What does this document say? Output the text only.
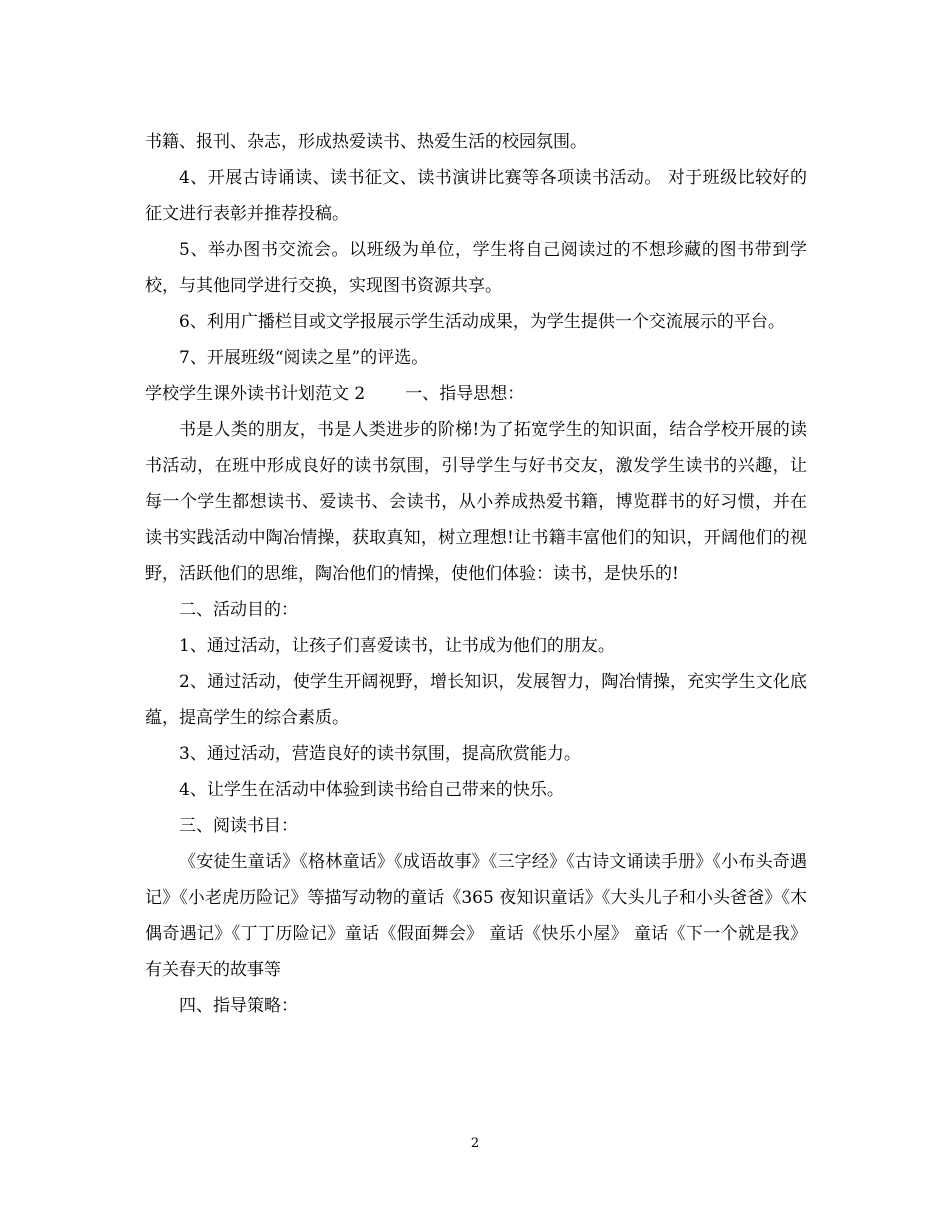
书籍、报刊、杂志，形成热爱读书、热爱生活的校园氛围。

4、开展古诗诵读、读书征文、读书演讲比赛等各项读书活动。 对于班级比较好的征文进行表彰并推荐投稿。

5、举办图书交流会。以班级为单位，学生将自己阅读过的不想珍藏的图书带到学校，与其他同学进行交换，实现图书资源共享。

6、利用广播栏目或文学报展示学生活动成果，为学生提供一个交流展示的平台。

7、开展班级“阅读之星”的评选。

学校学生课外读书计划范文 2 一、指导思想：

书是人类的朋友，书是人类进步的阶梯!为了拓宽学生的知识面，结合学校开展的读书活动，在班中形成良好的读书氛围，引导学生与好书交友，激发学生读书的兴趣，让每一个学生都想读书、爱读书、会读书，从小养成热爱书籍，博览群书的好习惯，并在读书实践活动中陶冶情操，获取真知，树立理想!让书籍丰富他们的知识，开阔他们的视野，活跃他们的思维，陶冶他们的情操，使他们体验：读书，是快乐的!

二、活动目的：

1、通过活动，让孩子们喜爱读书，让书成为他们的朋友。

2、通过活动，使学生开阔视野，增长知识，发展智力，陶冶情操，充实学生文化底蕴，提高学生的综合素质。

3、通过活动，营造良好的读书氛围，提高欣赏能力。

4、让学生在活动中体验到读书给自己带来的快乐。

三、阅读书目：

《安徒生童话》《格林童话》《成语故事》《三字经》《古诗文诵读手册》《小布头奇遇记》《小老虎历险记》等描写动物的童话《365 夜知识童话》《大头儿子和小头爸爸》《木偶奇遇记》《丁丁历险记》童话《假面舞会》 童话《快乐小屋》 童话《下一个就是我》有关春天的故事等

四、指导策略：

2
